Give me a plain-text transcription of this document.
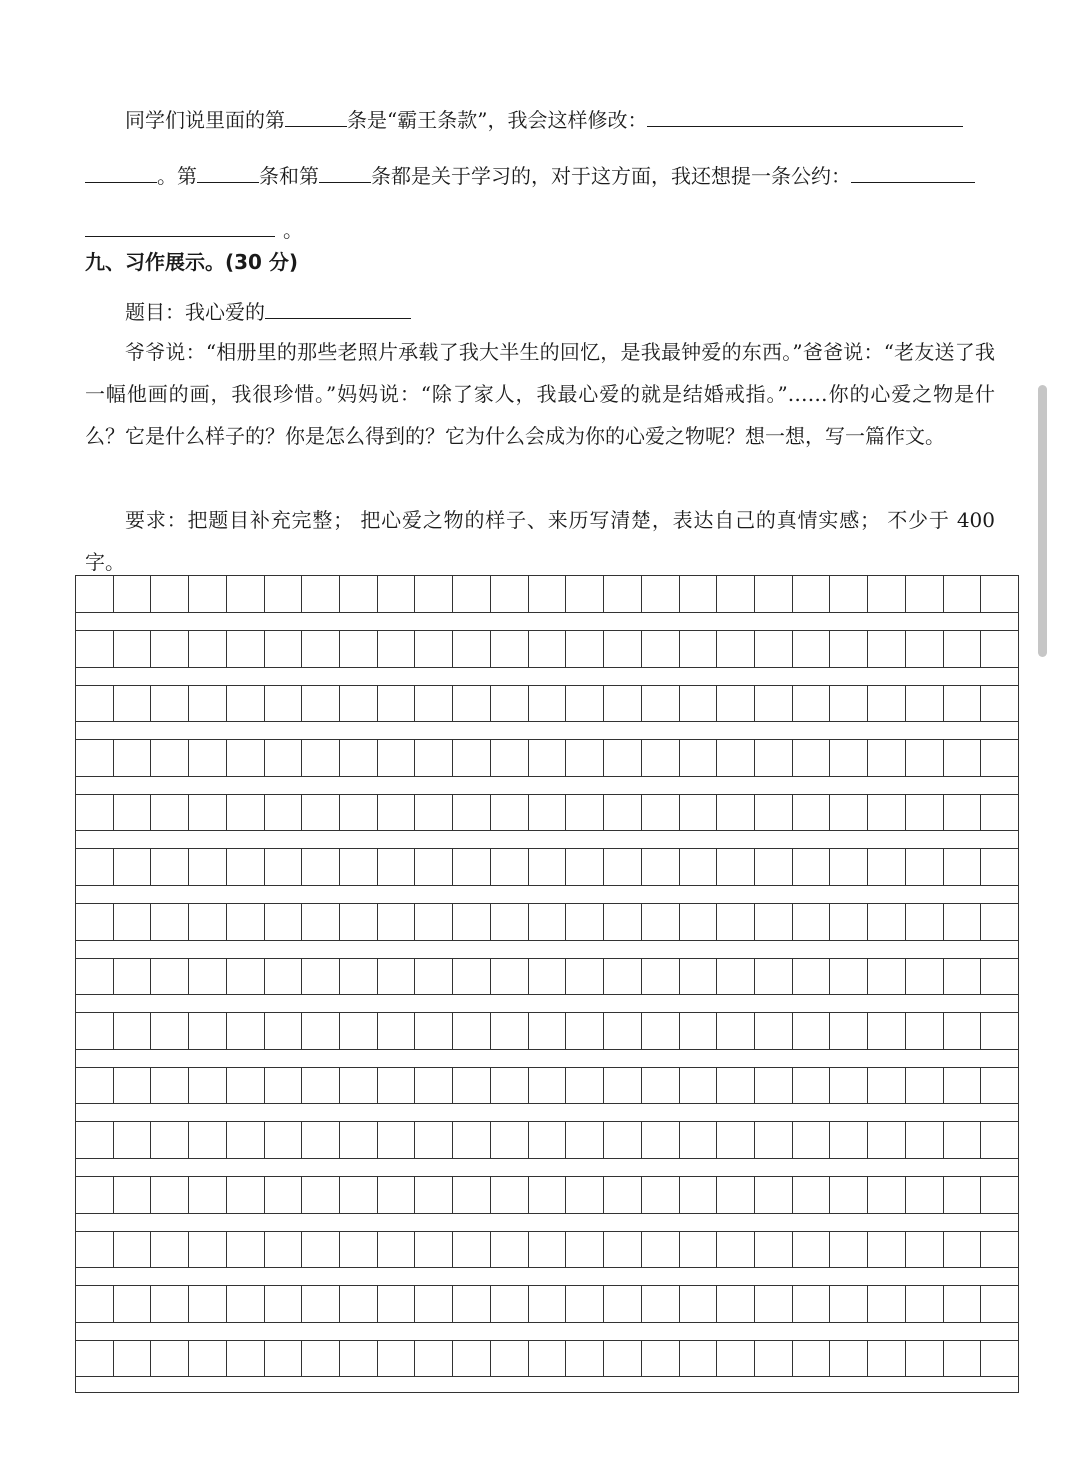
同学们说里面的第	条是“霸王条款”，我会这样修改：
。第	条和第	条都是关于学习的，对于这方面，我还想提一条公约：
。
九、习作展示。(30 分)
题目：我心爱的
爷爷说：“相册里的那些老照片承载了我大半生的回忆，是我最钟爱的东西。”爸爸说：“老友送了我一幅他画的画，我很珍惜。”妈妈说：“除了家人，我最心爱的就是结婚戒指。”……你的心爱之物是什么？它是什么样子的？你是怎么得到的？它为什么会成为你的心爱之物呢？想一想，写一篇作文。
要求：把题目补充完整； 把心爱之物的样子、来历写清楚，表达自己的真情实感； 不少于 400 字。
